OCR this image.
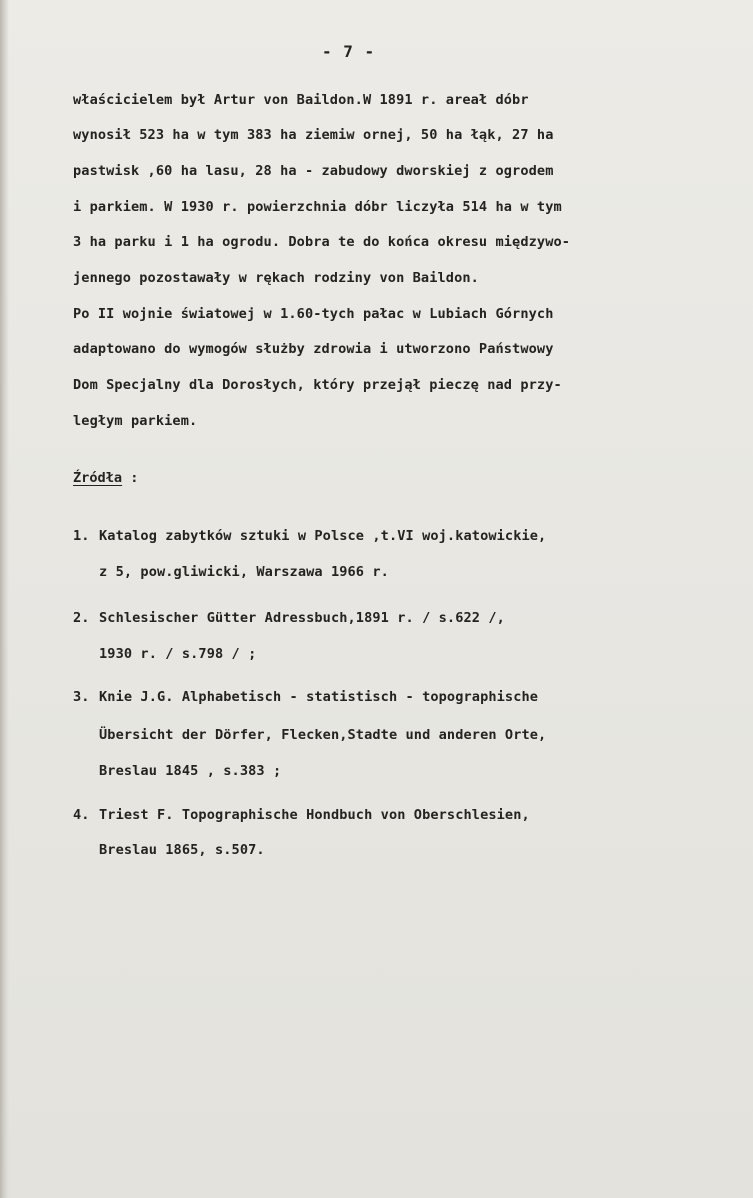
- 7 -
właścicielem był Artur von Baildon.W 1891 r. areał dóbr
wynosił 523 ha w tym 383 ha ziemiw ornej, 50 ha łąk, 27 ha
pastwisk ,60 ha lasu, 28 ha - zabudowy dworskiej z ogrodem
i parkiem. W 1930 r. powierzchnia dóbr liczyła 514 ha w tym
3 ha parku i 1 ha ogrodu. Dobra te do końca okresu międzywo-
jennego pozostawały w rękach rodziny von Baildon.
Po II wojnie światowej w 1.60-tych pałac w Lubiach Górnych
adaptowano do wymogów służby zdrowia i utworzono Państwowy
Dom Specjalny dla Dorosłych, który przejął pieczę nad przy-
ległym parkiem.
Źródła :
1. Katalog zabytków sztuki w Polsce ,t.VI woj.katowickie,
z 5, pow.gliwicki, Warszawa 1966 r.
2. Schlesischer Gütter Adressbuch,1891 r. / s.622 /,
1930 r. / s.798 / ;
3. Knie J.G. Alphabetisch - statistisch - topographische
Übersicht der Dörfer, Flecken,Stadte und anderen Orte,
Breslau 1845 , s.383 ;
4. Triest F. Topographische Hondbuch von Oberschlesien,
Breslau 1865, s.507.
